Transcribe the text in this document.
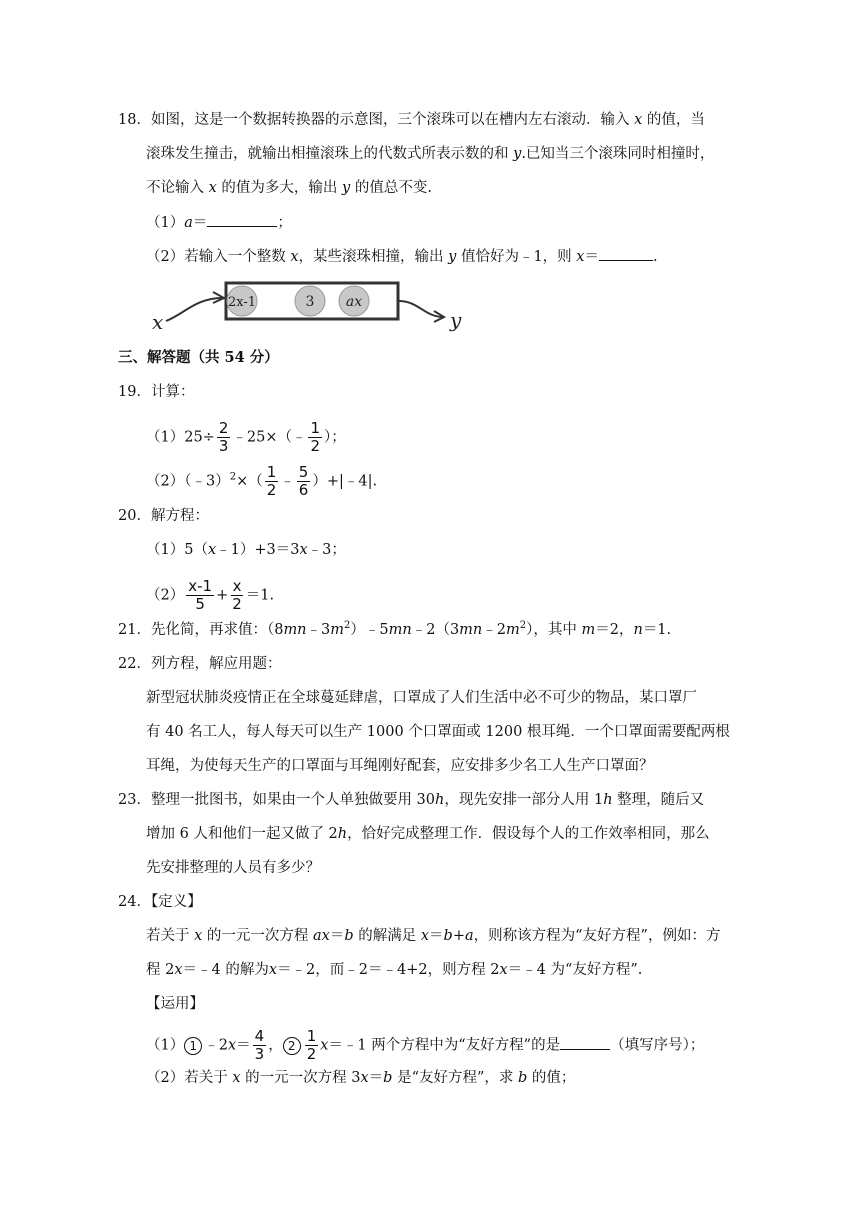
18．如图，这是一个数据转换器的示意图，三个滚珠可以在槽内左右滚动．输入 x 的值，当
滚珠发生撞击，就输出相撞滚珠上的代数式所表示数的和 y.已知当三个滚珠同时相撞时，
不论输入 x 的值为多大，输出 y 的值总不变.
（1）a＝	；
（2）若输入一个整数 x，某些滚珠相撞，输出 y 值恰好为﹣1，则 x＝	.
x
2x-1	3 ax
y
三、解答题（共 54 分）
19．计算：
$(1)25\div \frac{2}{3}$ ﹣25×（﹣ $\frac{1}{2}$ ）；
（2）（﹣3）$^2$×（ $\frac{1}{2}$ ﹣ $\frac{5}{6}$ ）+|﹣4|.
20．解方程：
（1）5（x﹣1）+3＝3x﹣3；
$(2) \frac{x-1}{5} + \frac{x}{2} =1$.
21．先化简，再求值：$(8mn﹣3m^2)﹣5mn﹣2(3mn﹣2m^2)$，其中 m＝2，n＝1.
22．列方程，解应用题：
新型冠状肺炎疫情正在全球蔓延肆虐，口罩成了人们生活中必不可少的物品，某口罩厂
有 40 名工人，每人每天可以生产 1000 个口罩面或 1200 根耳绳．一个口罩面需要配两根
耳绳，为使每天生产的口罩面与耳绳刚好配套，应安排多少名工人生产口罩面？
23．整理一批图书，如果由一个人单独做要用 30h，现先安排一部分人用 1h 整理，随后又
增加 6 人和他们一起又做了 2h，恰好完成整理工作．假设每个人的工作效率相同，那么
先安排整理的人员有多少？
24．【定义】
若关于 x 的一元一次方程 ax＝b 的解满足 x＝b+a，则称该方程为“友好方程”，例如：方
程 2x＝﹣4 的解为x＝﹣2，而﹣2＝﹣4+2，则方程 2x＝﹣4 为“友好方程”.
【运用】
（1） 1 ﹣2x＝ $\frac{4}{3}$ ， $2 \frac{1}{2}$ x＝﹣1 两个方程中为“友好方程”的是	（填写序号）；
（2）若关于 x 的一元一次方程 3x＝b 是“友好方程”，求 b 的值；
